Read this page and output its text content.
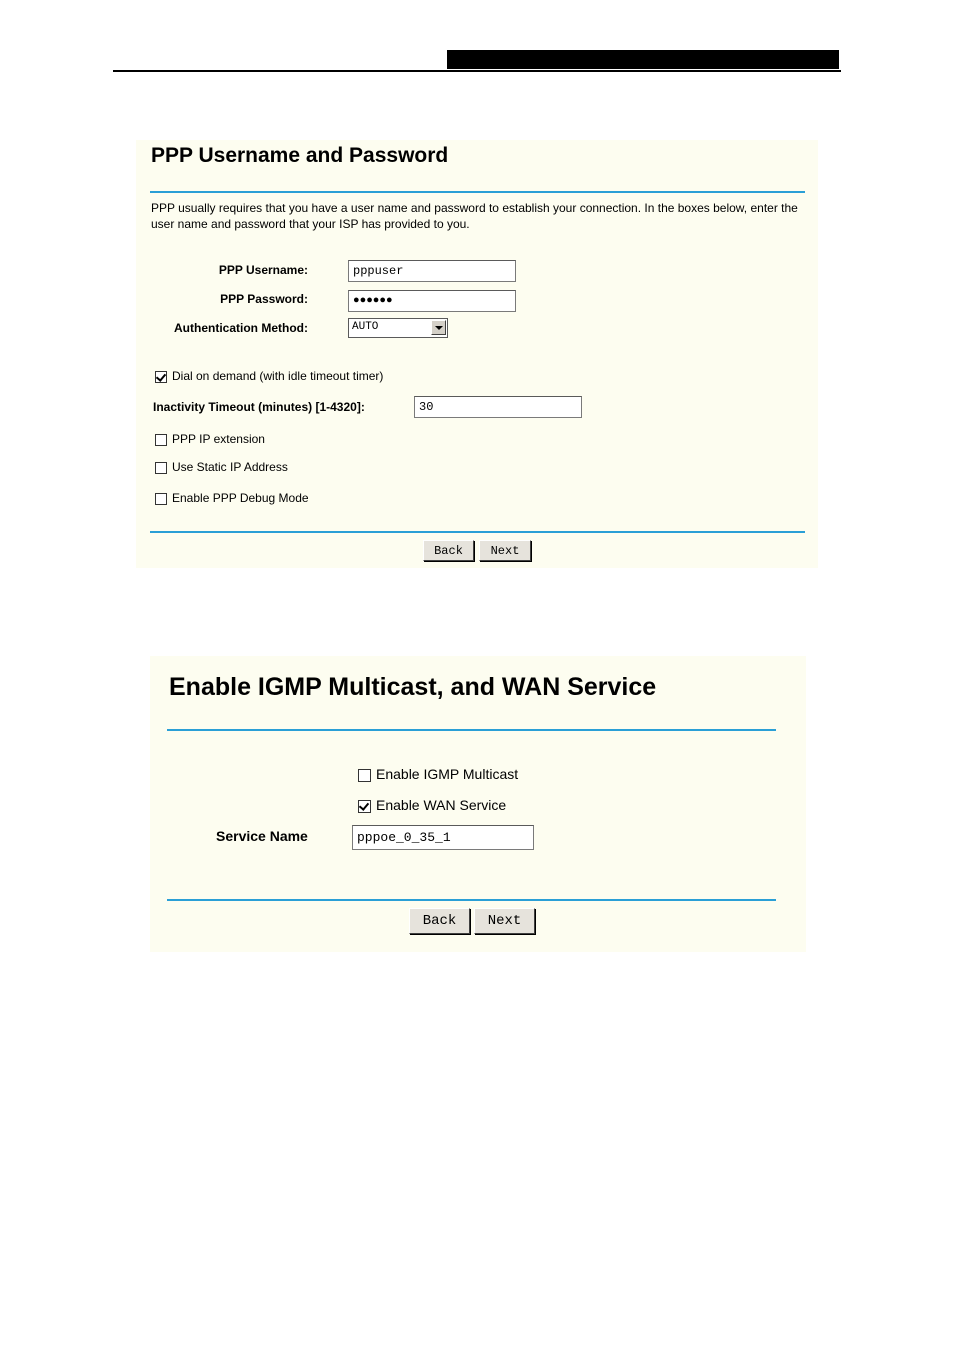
PPP Username and Password
PPP usually requires that you have a user name and password to establish your connection. In the boxes below, enter the user name and password that your ISP has provided to you.
PPP Username:
pppuser
PPP Password:	●●●●●●
Authentication Method:	AUTO
Dial on demand (with idle timeout timer)
Inactivity Timeout (minutes) [1-4320]:
30
PPP IP extension
Use Static IP Address
Enable PPP Debug Mode
Back	Next
Enable IGMP Multicast, and WAN Service
Enable IGMP Multicast
Enable WAN Service
Service Name
pppoe_0_35_1
Back	Next
